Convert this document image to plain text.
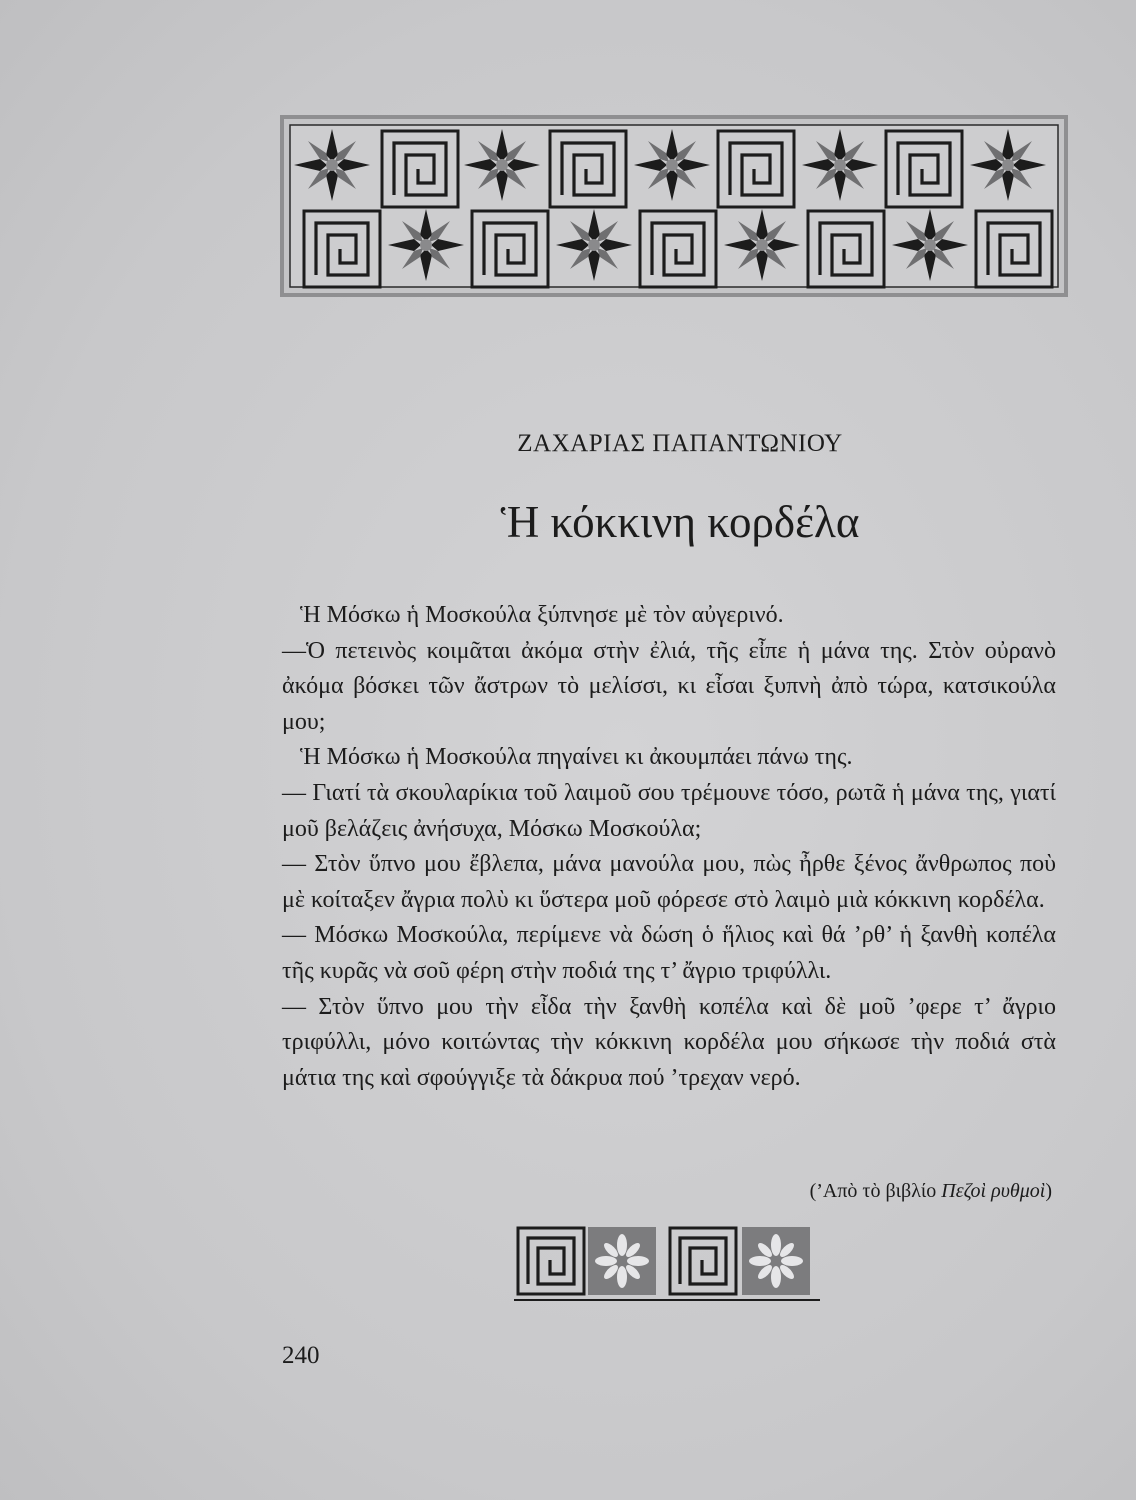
ΖΑΧΑΡΙΑΣ ΠΑΠΑΝΤΩΝΙΟΥ
Ἡ κόκκινη κορδέλα

Ἡ Μόσκω ἡ Μοσκούλα ξύπνησε μὲ τὸν αὐγερινό.

—Ὁ πετεινὸς κοιμᾶται ἀκόμα στὴν ἐλιά, τῆς εἶπε ἡ μάνα της. Στὸν οὐρανὸ ἀκόμα βόσκει τῶν ἄστρων τὸ μελίσσι, κι εἶσαι ξυπνὴ ἀπὸ τώρα, κατσικούλα μου;

Ἡ Μόσκω ἡ Μοσκούλα πηγαίνει κι ἀκουμπάει πάνω της.

— Γιατί τὰ σκουλαρίκια τοῦ λαιμοῦ σου τρέμουνε τόσο, ρωτᾶ ἡ μάνα της, γιατί μοῦ βελάζεις ἀνήσυχα, Μόσκω Μοσκούλα;

— Στὸν ὕπνο μου ἔβλεπα, μάνα μανούλα μου, πὼς ἦρθε ξένος ἄνθρωπος ποὺ μὲ κοίταξεν ἄγρια πολὺ κι ὕστερα μοῦ φόρεσε στὸ λαιμὸ μιὰ κόκκινη κορδέλα.

— Μόσκω Μοσκούλα, περίμενε νὰ δώση ὁ ἥλιος καὶ θά ’ρθ’ ἡ ξανθὴ κοπέλα τῆς κυρᾶς νὰ σοῦ φέρη στὴν ποδιά της τ’ ἄγριο τριφύλλι.

— Στὸν ὕπνο μου τὴν εἶδα τὴν ξανθὴ κοπέλα καὶ δὲ μοῦ ’φερε τ’ ἄγριο τριφύλλι, μόνο κοιτώντας τὴν κόκκινη κορδέλα μου σήκωσε τὴν ποδιά στὰ μάτια της καὶ σφούγγιξε τὰ δάκρυα πού ’τρεχαν νερό.

(’Απὸ τὸ βιβλίο Πεζοὶ ρυθμοὶ)
240
